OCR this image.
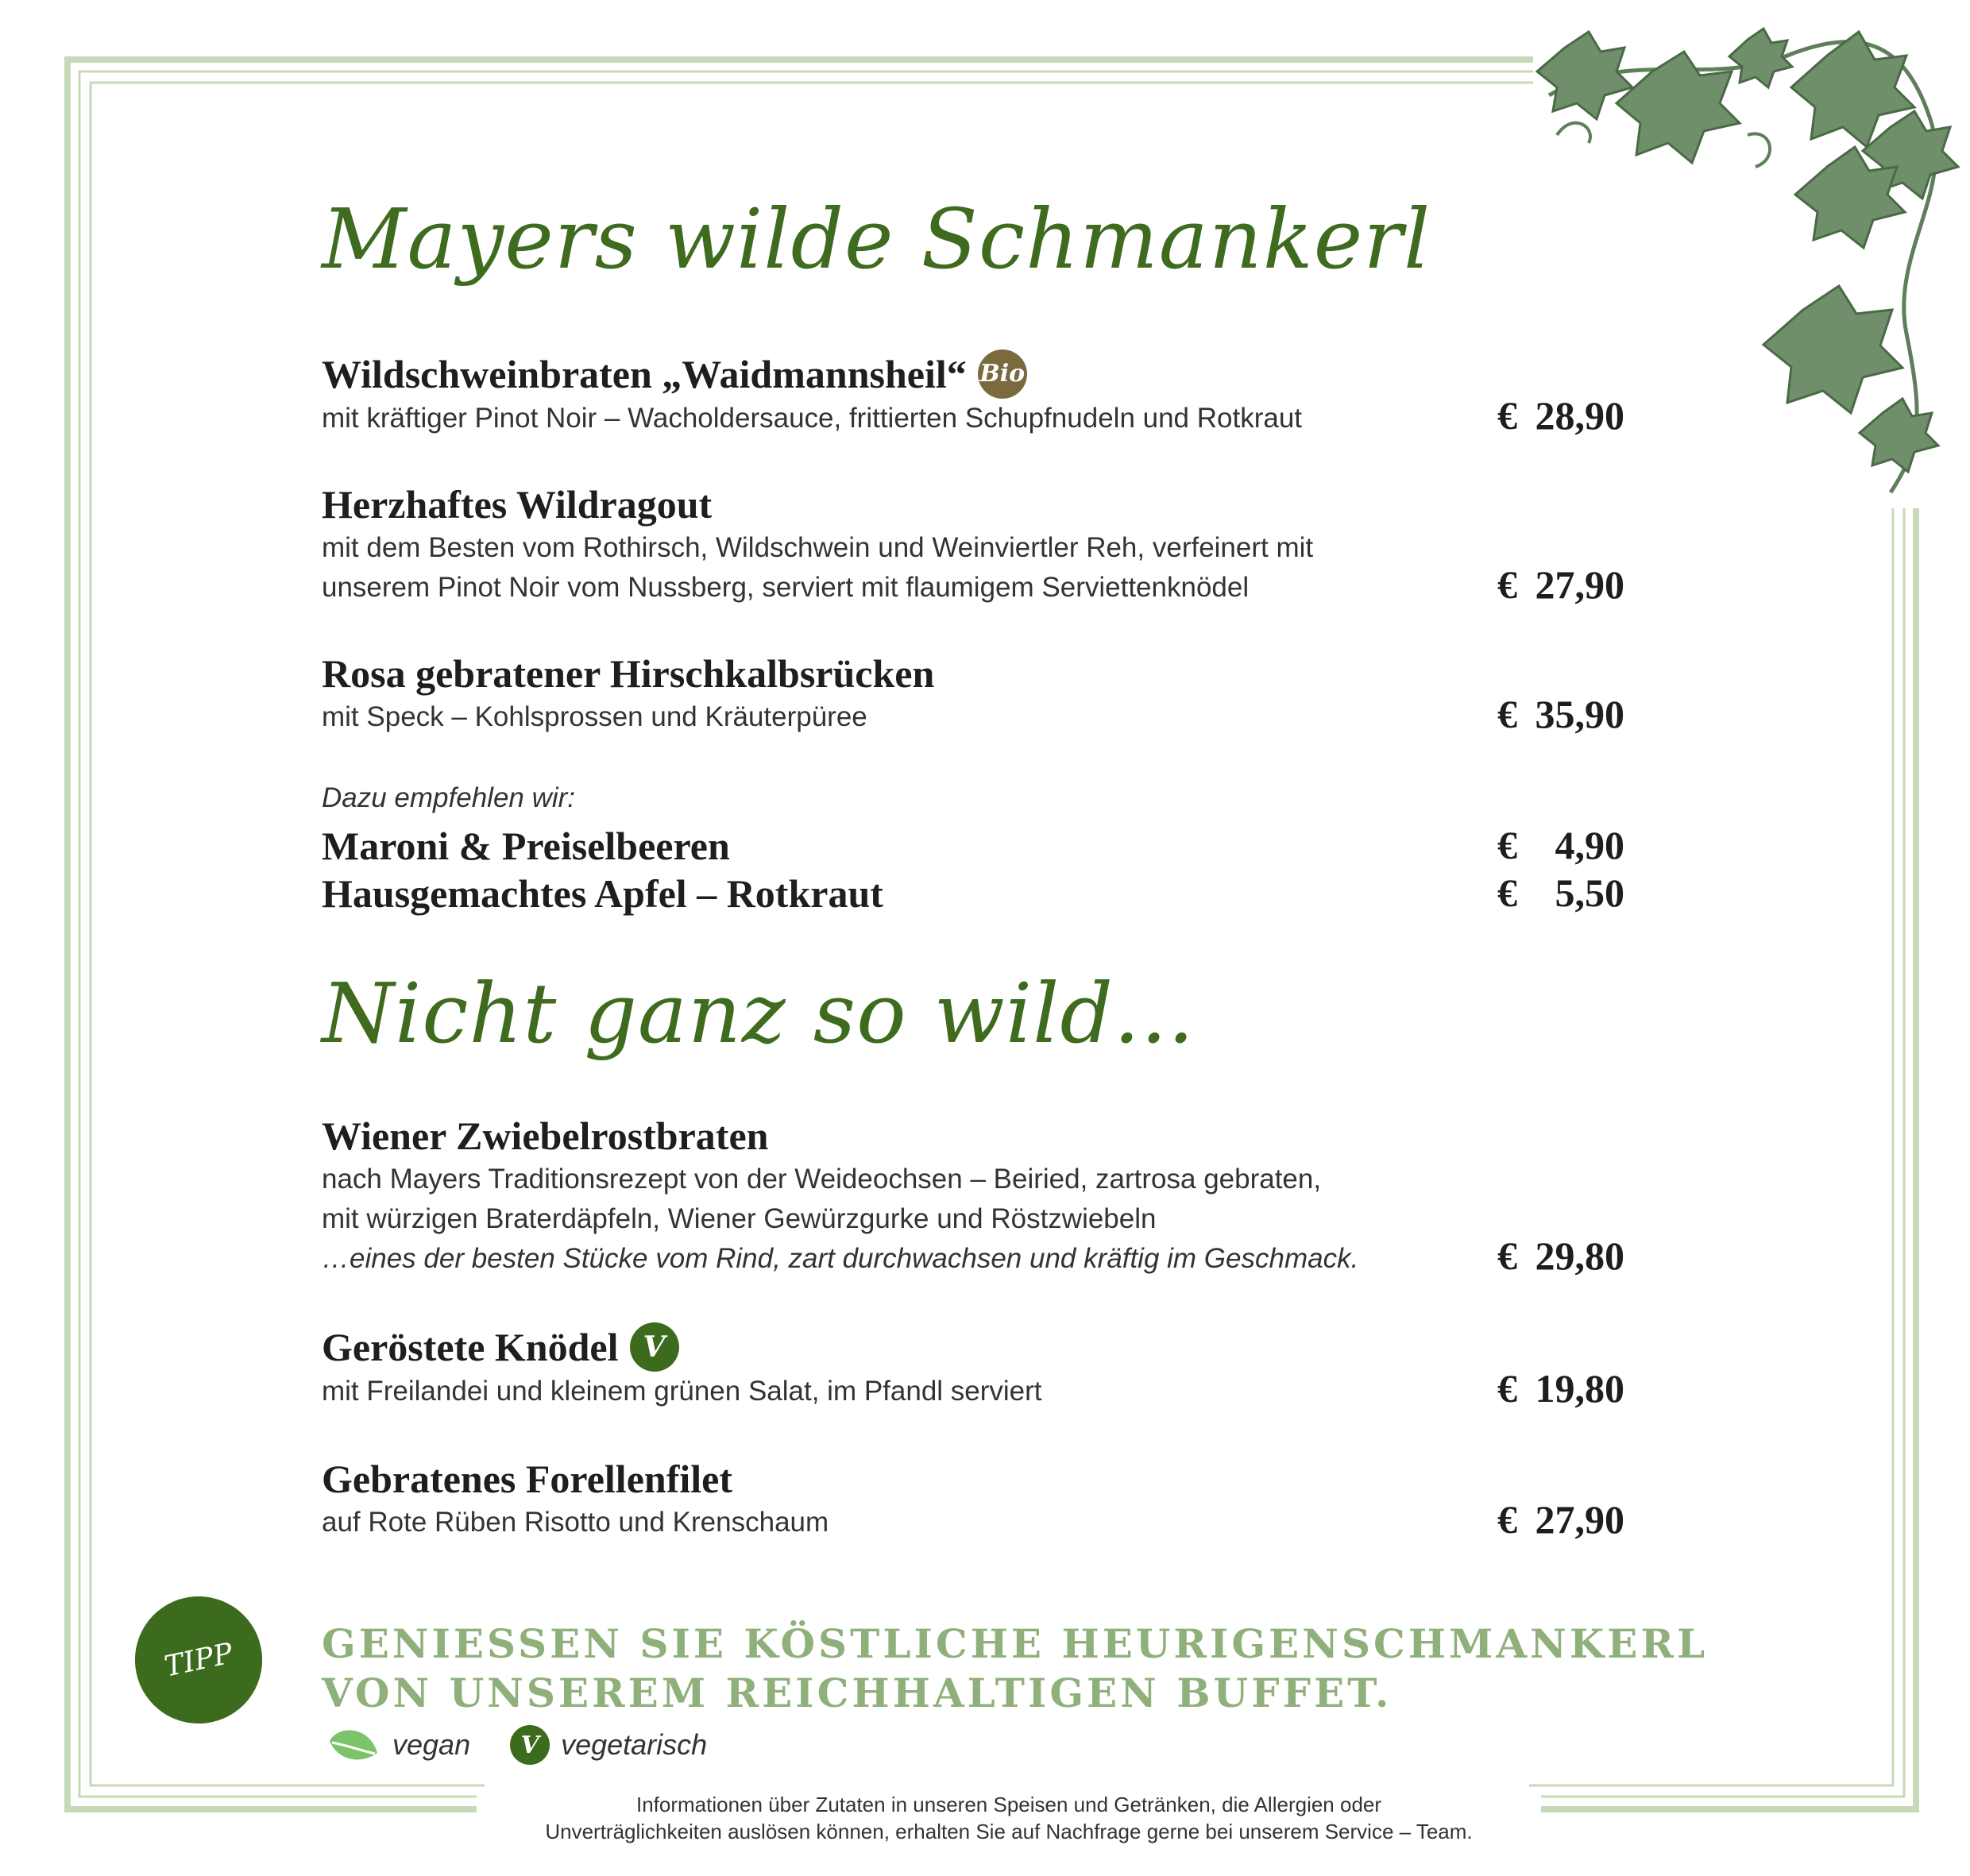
Mayers wilde Schmankerl
Wildschweinbraten „Waidmannsheil“ Bio
mit kräftiger Pinot Noir – Wacholdersauce, frittierten Schupfnudeln und Rotkraut	€ 28,90
Herzhaftes Wildragout
mit dem Besten vom Rothirsch, Wildschwein und Weinviertler Reh, verfeinert mit
unserem Pinot Noir vom Nussberg, serviert mit flaumigem Serviettenknödel	€ 27,90
Rosa gebratener Hirschkalbsrücken
mit Speck – Kohlsprossen und Kräuterpüree	€ 35,90
Dazu empfehlen wir:
Maroni & Preiselbeeren	€ 4,90
Hausgemachtes Apfel – Rotkraut	€ 5,50
Nicht ganz so wild...
Wiener Zwiebelrostbraten
nach Mayers Traditionsrezept von der Weideochsen – Beiried, zartrosa gebraten,
mit würzigen Braterdäpfeln, Wiener Gewürzgurke und Röstzwiebeln
…eines der besten Stücke vom Rind, zart durchwachsen und kräftig im Geschmack.	€ 29,80
Geröstete Knödel V
mit Freilandei und kleinem grünen Salat, im Pfandl serviert	€ 19,80
Gebratenes Forellenfilet
auf Rote Rüben Risotto und Krenschaum	€ 27,90
TIPP	GENIESSEN SIE KÖSTLICHE HEURIGENSCHMANKERL
VON UNSEREM REICHHALTIGEN BUFFET.
vegan	V vegetarisch
Informationen über Zutaten in unseren Speisen und Getränken, die Allergien oder
Unverträglichkeiten auslösen können, erhalten Sie auf Nachfrage gerne bei unserem Service – Team.
